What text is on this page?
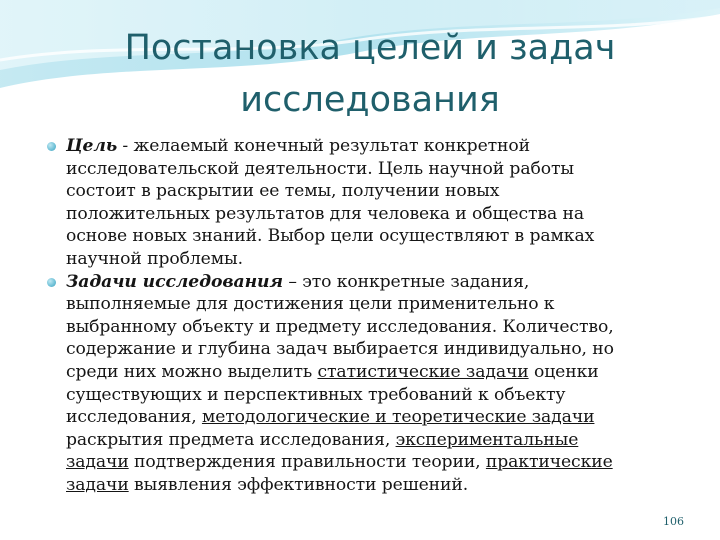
Постановка целей и задач
исследования
Цель - желаемый конечный результат конкретной
исследовательской деятельности. Цель научной работы
состоит в раскрытии ее темы, получении новых
положительных результатов для человека и общества на
основе новых знаний. Выбор цели осуществляют в рамках
научной проблемы.
Задачи исследования – это конкретные задания,
выполняемые для достижения цели применительно к
выбранному объекту и предмету исследования. Количество,
содержание и глубина задач выбирается индивидуально, но
среди них можно выделить статистические задачи оценки
существующих и перспективных требований к объекту
исследования, методологические и теоретические задачи
раскрытия предмета исследования, экспериментальные
задачи подтверждения правильности теории, практические
задачи выявления эффективности решений.
106
